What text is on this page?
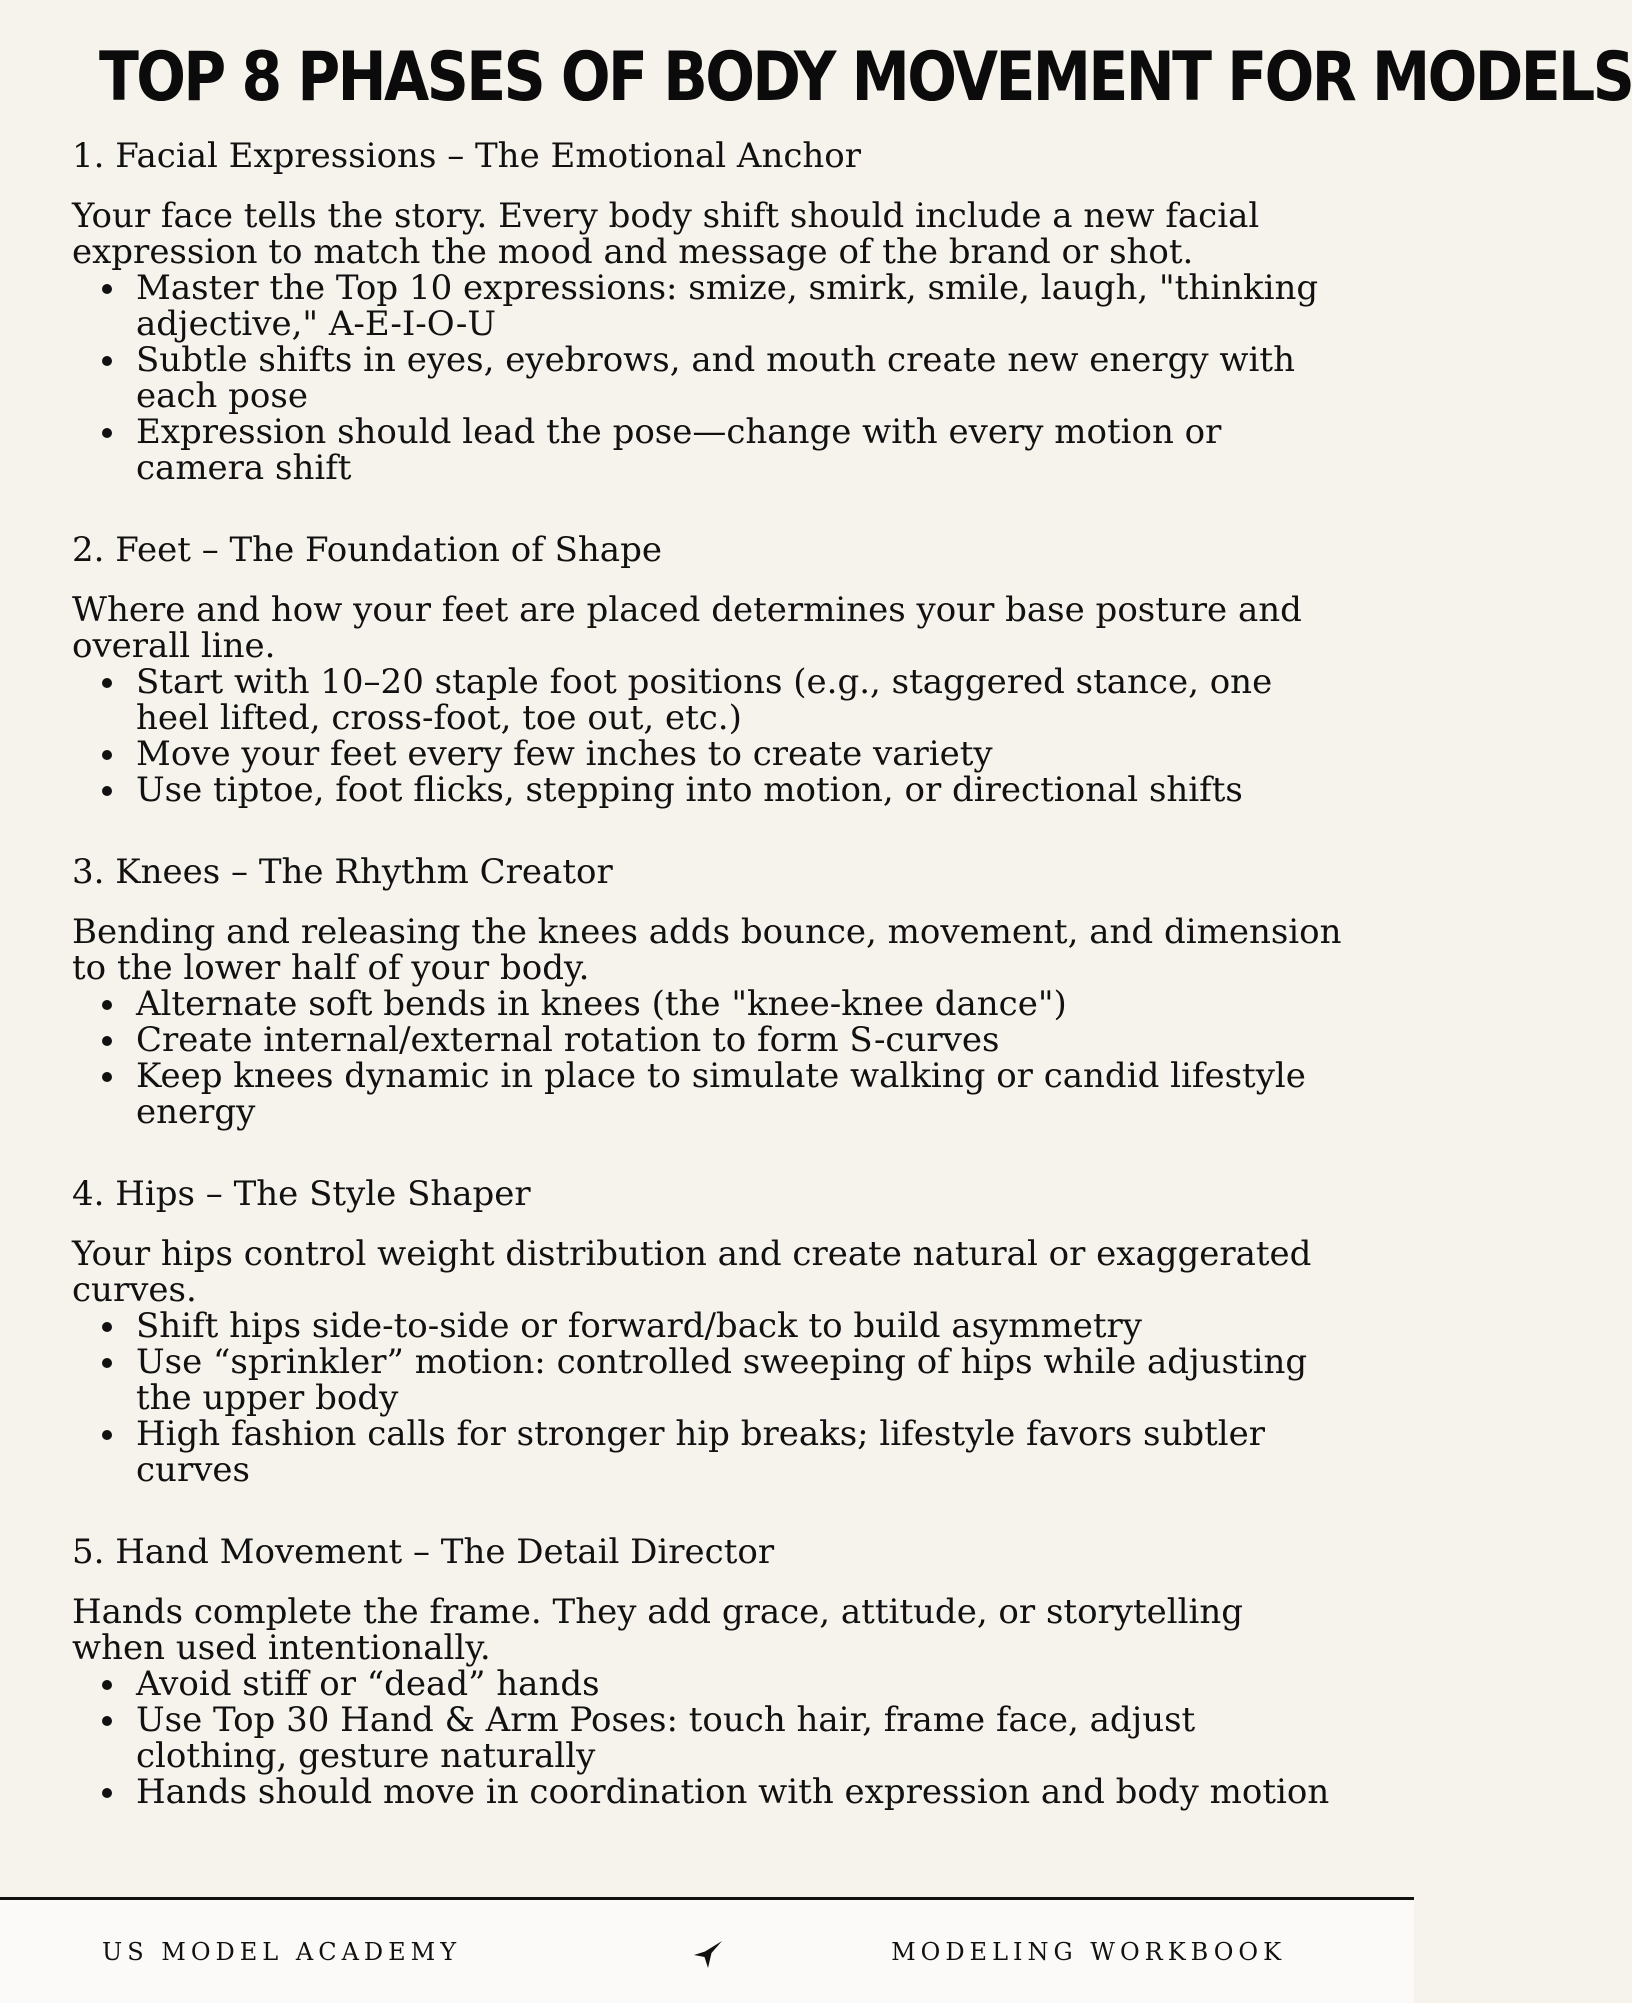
TOP 8 PHASES OF BODY MOVEMENT FOR MODELS
1. Facial Expressions – The Emotional Anchor

Your face tells the story. Every body shift should include a new facial expression to match the mood and message of the brand or shot.

Master the Top 10 expressions: smize, smirk, smile, laugh, "thinking adjective," A-E-I-O-U
Subtle shifts in eyes, eyebrows, and mouth create new energy with each pose
Expression should lead the pose—change with every motion or camera shift
2. Feet – The Foundation of Shape

Where and how your feet are placed determines your base posture and overall line.

Start with 10–20 staple foot positions (e.g., staggered stance, one heel lifted, cross-foot, toe out, etc.)
Move your feet every few inches to create variety
Use tiptoe, foot flicks, stepping into motion, or directional shifts
3. Knees – The Rhythm Creator

Bending and releasing the knees adds bounce, movement, and dimension to the lower half of your body.

Alternate soft bends in knees (the "knee-knee dance")
Create internal/external rotation to form S-curves
Keep knees dynamic in place to simulate walking or candid lifestyle energy
4. Hips – The Style Shaper

Your hips control weight distribution and create natural or exaggerated curves.

Shift hips side-to-side or forward/back to build asymmetry
Use “sprinkler” motion: controlled sweeping of hips while adjusting the upper body
High fashion calls for stronger hip breaks; lifestyle favors subtler curves
5. Hand Movement – The Detail Director

Hands complete the frame. They add grace, attitude, or storytelling when used intentionally.

Avoid stiff or “dead” hands
Use Top 30 Hand & Arm Poses: touch hair, frame face, adjust clothing, gesture naturally
Hands should move in coordination with expression and body motion
US MODEL ACADEMY	MODELING WORKBOOK
